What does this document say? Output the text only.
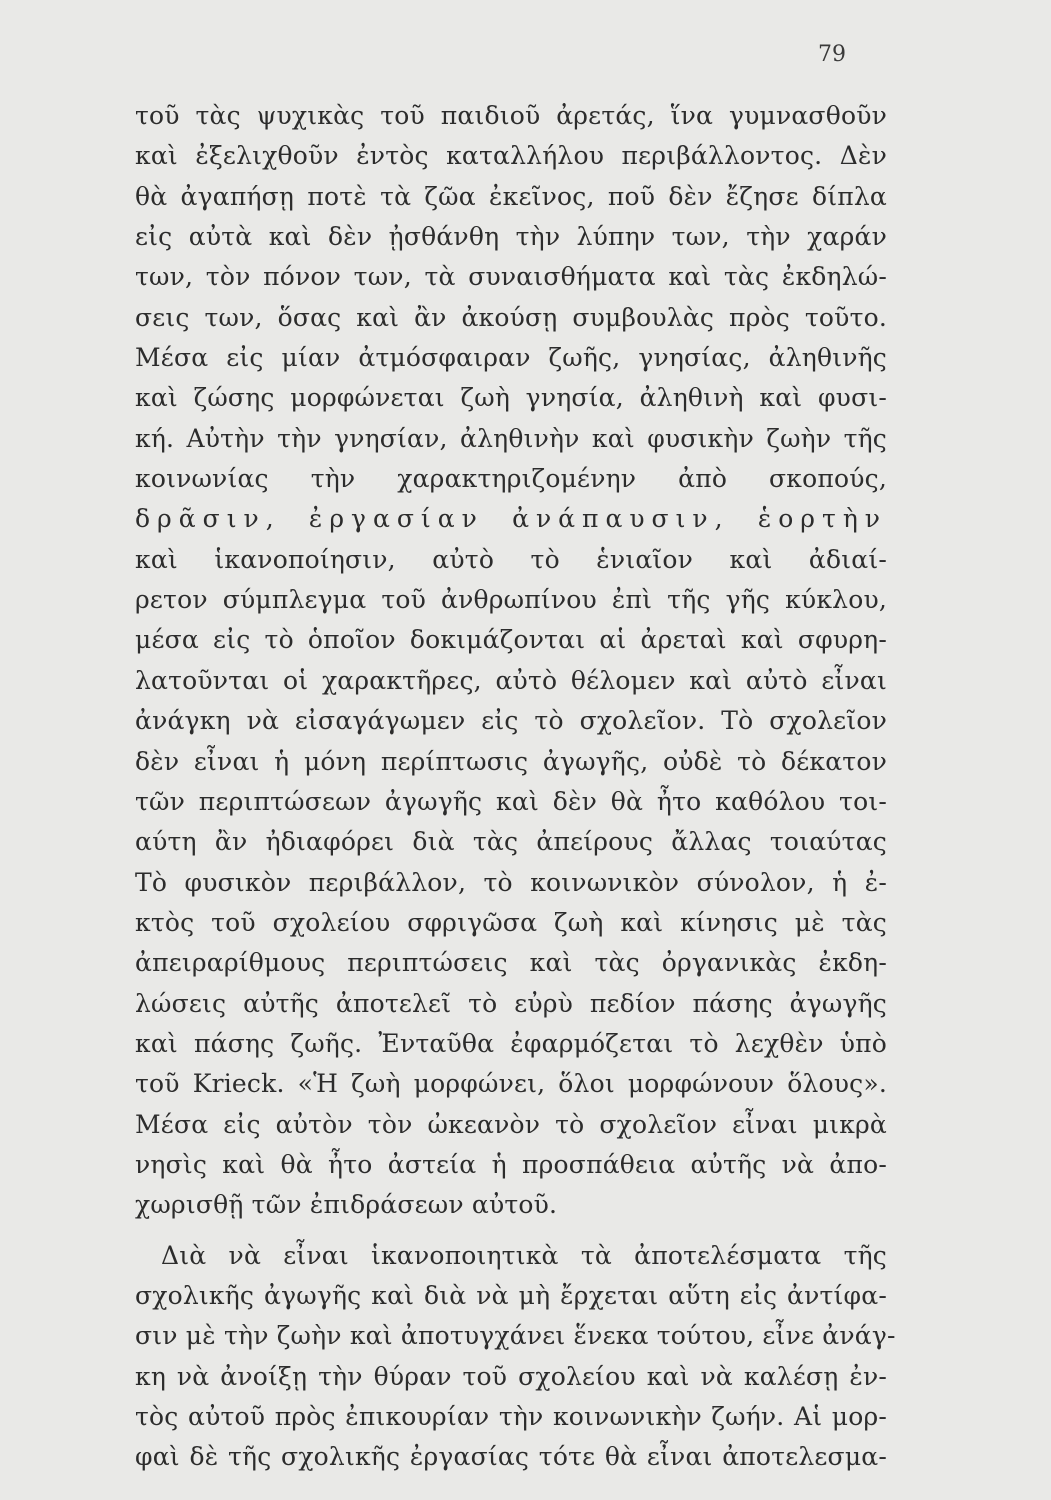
79
τοῦ τὰς ψυχικὰς τοῦ παιδιοῦ ἀρετάς, ἵνα γυμνασθοῦν
καὶ ἐξελιχθοῦν ἐντὸς καταλλήλου περιβάλλοντος. Δὲν
θὰ ἀγαπήσῃ ποτὲ τὰ ζῶα ἐκεῖνος, ποῦ δὲν ἔζησε δίπλα
εἰς αὐτὰ καὶ δὲν ᾐσθάνθη τὴν λύπην των, τὴν χαράν
των, τὸν πόνον των, τὰ συναισθήματα καὶ τὰς ἐκδηλώ-
σεις των, ὅσας καὶ ἂν ἀκούσῃ συμβουλὰς πρὸς τοῦτο.
Μέσα εἰς μίαν ἀτμόσφαιραν ζωῆς, γνησίας, ἀληθινῆς
καὶ ζώσης μορφώνεται ζωὴ γνησία, ἀληθινὴ καὶ φυσι-
κή. Αὐτὴν τὴν γνησίαν, ἀληθινὴν καὶ φυσικὴν ζωὴν τῆς
κοινωνίας τὴν χαρακτηριζομένην ἀπὸ σκοπούς,
δρᾶσιν, ἐργασίαν ἀνάπαυσιν, ἑορτὴν
καὶ ἱκανοποίησιν, αὐτὸ τὸ ἑνιαῖον καὶ ἀδιαί-
ρετον σύμπλεγμα τοῦ ἀνθρωπίνου ἐπὶ τῆς γῆς κύκλου,
μέσα εἰς τὸ ὁποῖον δοκιμάζονται αἱ ἀρεταὶ καὶ σφυρη-
λατοῦνται οἱ χαρακτῆρες, αὐτὸ θέλομεν καὶ αὐτὸ εἶναι
ἀνάγκη νὰ εἰσαγάγωμεν εἰς τὸ σχολεῖον. Τὸ σχολεῖον
δὲν εἶναι ἡ μόνη περίπτωσις ἀγωγῆς, οὐδὲ τὸ δέκατον
τῶν περιπτώσεων ἀγωγῆς καὶ δὲν θὰ ἦτο καθόλου τοι-
αύτη ἂν ἠδιαφόρει διὰ τὰς ἀπείρους ἄλλας τοιαύτας
Τὸ φυσικὸν περιβάλλον, τὸ κοινωνικὸν σύνολον, ἡ ἐ-
κτὸς τοῦ σχολείου σφριγῶσα ζωὴ καὶ κίνησις μὲ τὰς
ἀπειραρίθμους περιπτώσεις καὶ τὰς ὀργανικὰς ἐκδη-
λώσεις αὐτῆς ἀποτελεῖ τὸ εὐρὺ πεδίον πάσης ἀγωγῆς
καὶ πάσης ζωῆς. Ἐνταῦθα ἐφαρμόζεται τὸ λεχθὲν ὑπὸ
τοῦ Krieck. «Ἡ ζωὴ μορφώνει, ὅλοι μορφώνουν ὅλους».
Μέσα εἰς αὐτὸν τὸν ὠκεανὸν τὸ σχολεῖον εἶναι μικρὰ
νησὶς καὶ θὰ ἦτο ἀστεία ἡ προσπάθεια αὐτῆς νὰ ἀπο-
χωρισθῇ τῶν ἐπιδράσεων αὐτοῦ.
Διὰ νὰ εἶναι ἱκανοποιητικὰ τὰ ἀποτελέσματα τῆς
σχολικῆς ἀγωγῆς καὶ διὰ νὰ μὴ ἔρχεται αὕτη εἰς ἀντίφα-
σιν μὲ τὴν ζωὴν καὶ ἀποτυγχάνει ἕνεκα τούτου, εἶνε ἀνάγ-
κη νὰ ἀνοίξῃ τὴν θύραν τοῦ σχολείου καὶ νὰ καλέσῃ ἐν-
τὸς αὐτοῦ πρὸς ἐπικουρίαν τὴν κοινωνικὴν ζωήν. Αἱ μορ-
φαὶ δὲ τῆς σχολικῆς ἐργασίας τότε θὰ εἶναι ἀποτελεσμα-
